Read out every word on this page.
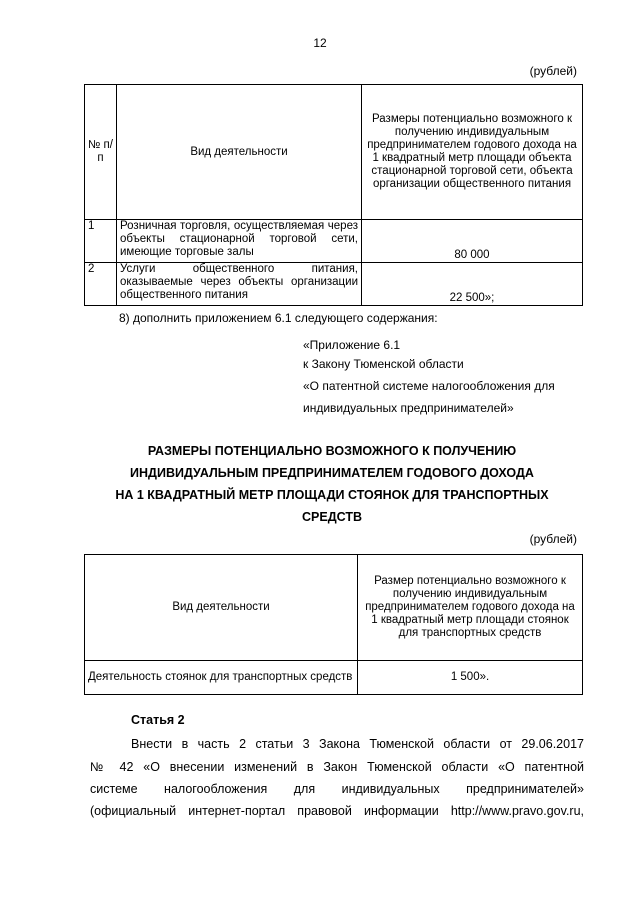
12
(рублей)
№ п/п	Вид деятельности	Размеры потенциально возможного к получению индивидуальным предпринимателем годового дохода на 1 квадратный метр площади объекта стационарной торговой сети, объекта организации общественного питания
1	Розничная торговля, осуществляемая через объекты стационарной торговой сети, имеющие торговые залы	80 000
2	Услуги общественного питания, оказываемые через объекты организации общественного питания	22 500»;
8) дополнить приложением 6.1 следующего содержания:
«Приложение 6.1
к Закону Тюменской области
«О патентной системе налогообложения для
индивидуальных предпринимателей»
РАЗМЕРЫ ПОТЕНЦИАЛЬНО ВОЗМОЖНОГО К ПОЛУЧЕНИЮ
ИНДИВИДУАЛЬНЫМ ПРЕДПРИНИМАТЕЛЕМ ГОДОВОГО ДОХОДА
НА 1 КВАДРАТНЫЙ МЕТР ПЛОЩАДИ СТОЯНОК ДЛЯ ТРАНСПОРТНЫХ
СРЕДСТВ
(рублей)
Вид деятельности	Размер потенциально возможного к получению индивидуальным предпринимателем годового дохода на 1 квадратный метр площади стоянок для транспортных средств
Деятельность стоянок для транспортных средств	1 500».
Статья 2
Внести в часть 2 статьи 3 Закона Тюменской области от 29.06.2017
№ 42 «О внесении изменений в Закон Тюменской области «О патентной
системе налогообложения для индивидуальных предпринимателей»
(официальный интернет-портал правовой информации http://www.pravo.gov.ru,
